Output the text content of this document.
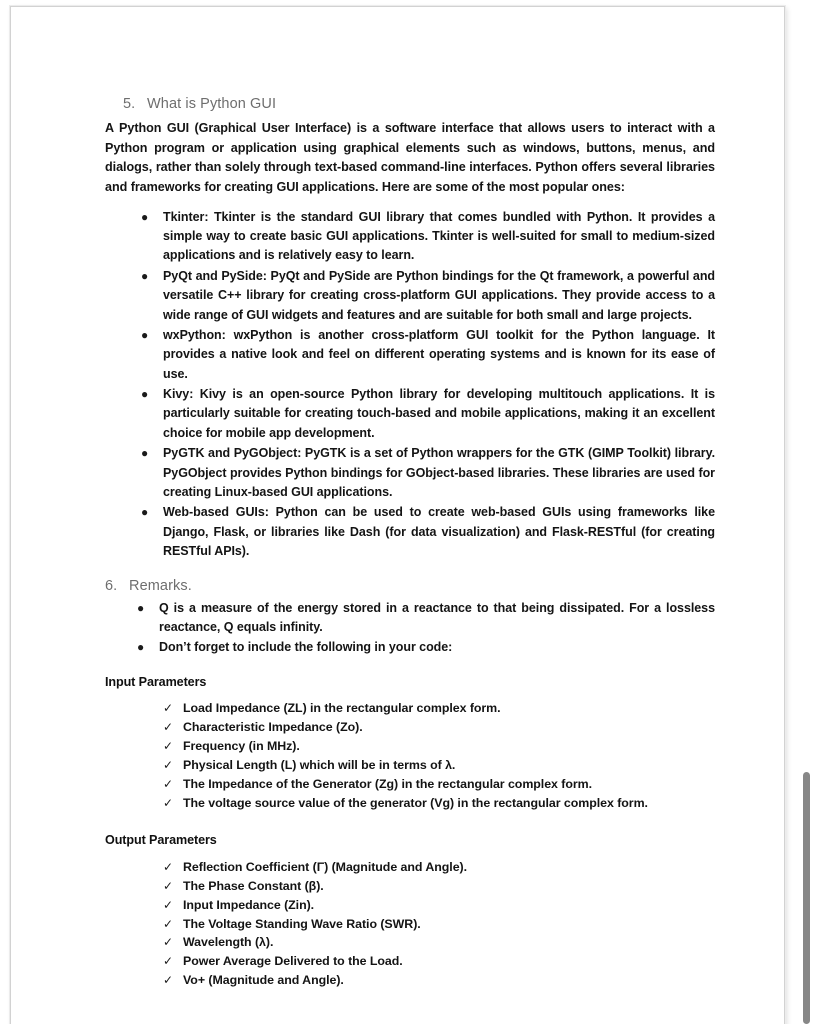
5. What is Python GUI

A Python GUI (Graphical User Interface) is a software interface that allows users to interact with a Python program or application using graphical elements such as windows, buttons, menus, and dialogs, rather than solely through text-based command-line interfaces. Python offers several libraries and frameworks for creating GUI applications. Here are some of the most popular ones:

● Tkinter: Tkinter is the standard GUI library that comes bundled with Python. It provides a simple way to create basic GUI applications. Tkinter is well-suited for small to medium-sized applications and is relatively easy to learn.
● PyQt and PySide: PyQt and PySide are Python bindings for the Qt framework, a powerful and versatile C++ library for creating cross-platform GUI applications. They provide access to a wide range of GUI widgets and features and are suitable for both small and large projects.
● wxPython: wxPython is another cross-platform GUI toolkit for the Python language. It provides a native look and feel on different operating systems and is known for its ease of use.
● Kivy: Kivy is an open-source Python library for developing multitouch applications. It is particularly suitable for creating touch-based and mobile applications, making it an excellent choice for mobile app development.
● PyGTK and PyGObject: PyGTK is a set of Python wrappers for the GTK (GIMP Toolkit) library. PyGObject provides Python bindings for GObject-based libraries. These libraries are used for creating Linux-based GUI applications.
● Web-based GUIs: Python can be used to create web-based GUIs using frameworks like Django, Flask, or libraries like Dash (for data visualization) and Flask-RESTful (for creating RESTful APIs).
6. Remarks.
● Q is a measure of the energy stored in a reactance to that being dissipated. For a lossless reactance, Q equals infinity.
● Don’t forget to include the following in your code:
Input Parameters
✓ Load Impedance (ZL) in the rectangular complex form.
✓ Characteristic Impedance (Zo).
✓ Frequency (in MHz).
✓ Physical Length (L) which will be in terms of λ.
✓ The Impedance of the Generator (Zg) in the rectangular complex form.
✓ The voltage source value of the generator (Vg) in the rectangular complex form.
Output Parameters
✓ Reflection Coefficient (Γ) (Magnitude and Angle).
✓ The Phase Constant (β).
✓ Input Impedance (Zin).
✓ The Voltage Standing Wave Ratio (SWR).
✓ Wavelength (λ).
✓ Power Average Delivered to the Load.
✓ Vo+ (Magnitude and Angle).
